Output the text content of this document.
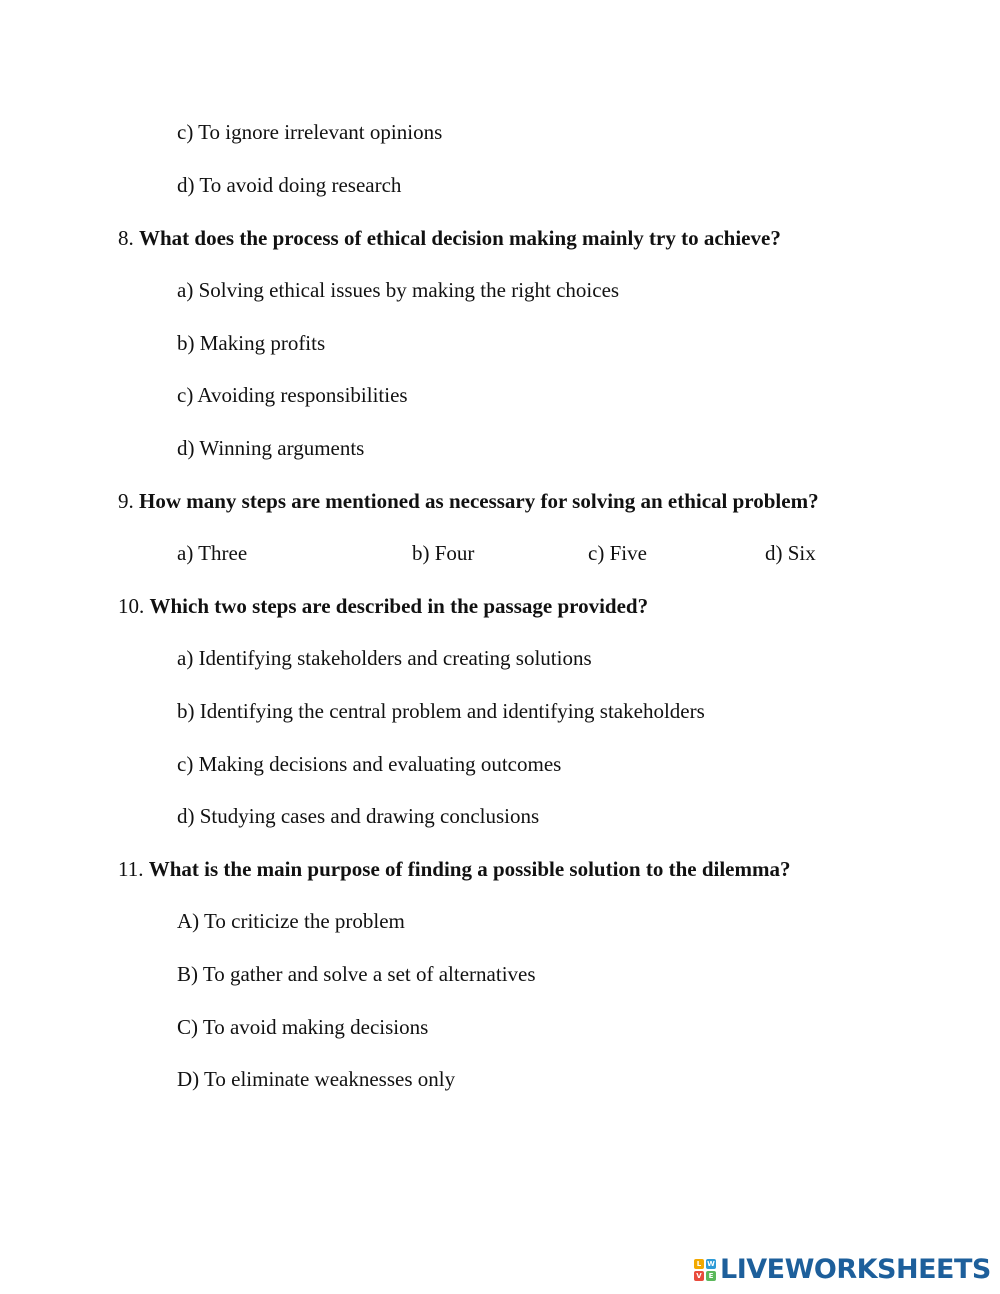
c) To ignore irrelevant opinions
d) To avoid doing research
8. What does the process of ethical decision making mainly try to achieve?
a) Solving ethical issues by making the right choices
b) Making profits
c) Avoiding responsibilities
d) Winning arguments
9. How many steps are mentioned as necessary for solving an ethical problem?
a) Three	b) Four	c) Five	d) Six
10. Which two steps are described in the passage provided?
a) Identifying stakeholders and creating solutions
b) Identifying the central problem and identifying stakeholders
c) Making decisions and evaluating outcomes
d) Studying cases and drawing conclusions
11. What is the main purpose of finding a possible solution to the dilemma?
A) To criticize the problem
B) To gather and solve a set of alternatives
C) To avoid making decisions
D) To eliminate weaknesses only
L W
V E LIVEWORKSHEETS
